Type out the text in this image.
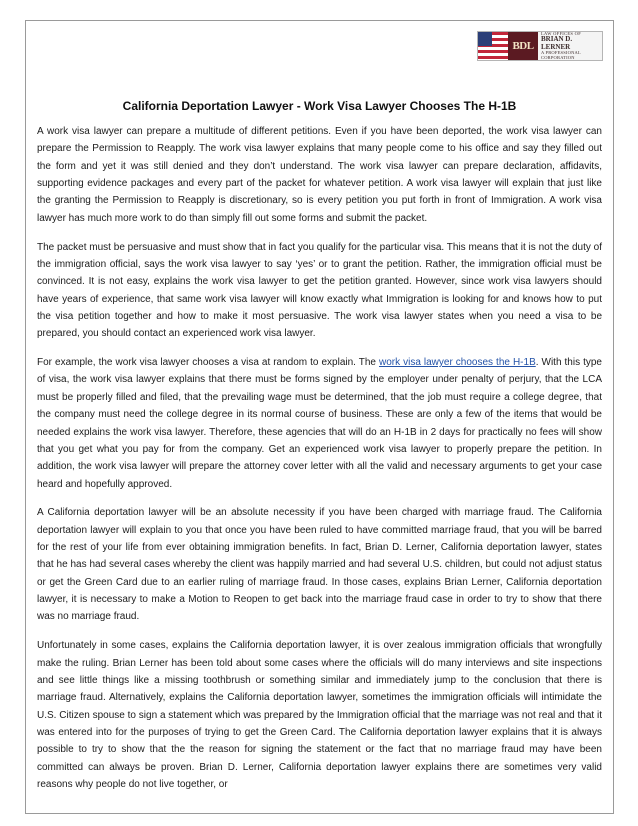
BDL
LAW OFFICES OF
BRIAN D. LERNER
A PROFESSIONAL CORPORATION
California Deportation Lawyer - Work Visa Lawyer Chooses The H-1B

A work visa lawyer can prepare a multitude of different petitions. Even if you have been deported, the work visa lawyer can prepare the Permission to Reapply. The work visa lawyer explains that many people come to his office and say they filled out the form and yet it was still denied and they don’t understand. The work visa lawyer can prepare declaration, affidavits, supporting evidence packages and every part of the packet for whatever petition. A work visa lawyer will explain that just like the granting the Permission to Reapply is discretionary, so is every petition you put forth in front of Immigration. A work visa lawyer has much more work to do than simply fill out some forms and submit the packet.

The packet must be persuasive and must show that in fact you qualify for the particular visa. This means that it is not the duty of the immigration official, says the work visa lawyer to say ‘yes’ or to grant the petition. Rather, the immigration official must be convinced. It is not easy, explains the work visa lawyer to get the petition granted. However, since work visa lawyers should have years of experience, that same work visa lawyer will know exactly what Immigration is looking for and knows how to put the visa petition together and how to make it most persuasive. The work visa lawyer states when you need a visa to be prepared, you should contact an experienced work visa lawyer.

For example, the work visa lawyer chooses a visa at random to explain. The work visa lawyer chooses the H-1B. With this type of visa, the work visa lawyer explains that there must be forms signed by the employer under penalty of perjury, that the LCA must be properly filled and filed, that the prevailing wage must be determined, that the job must require a college degree, that the company must need the college degree in its normal course of business. These are only a few of the items that would be needed explains the work visa lawyer. Therefore, these agencies that will do an H-1B in 2 days for practically no fees will show that you get what you pay for from the company. Get an experienced work visa lawyer to properly prepare the petition. In addition, the work visa lawyer will prepare the attorney cover letter with all the valid and necessary arguments to get your case heard and hopefully approved.

A California deportation lawyer will be an absolute necessity if you have been charged with marriage fraud. The California deportation lawyer will explain to you that once you have been ruled to have committed marriage fraud, that you will be barred for the rest of your life from ever obtaining immigration benefits. In fact, Brian D. Lerner, California deportation lawyer, states that he has had several cases whereby the client was happily married and had several U.S. children, but could not adjust status or get the Green Card due to an earlier ruling of marriage fraud. In those cases, explains Brian Lerner, California deportation lawyer, it is necessary to make a Motion to Reopen to get back into the marriage fraud case in order to try to show that there was no marriage fraud.

Unfortunately in some cases, explains the California deportation lawyer, it is over zealous immigration officials that wrongfully make the ruling. Brian Lerner has been told about some cases where the officials will do many interviews and site inspections and see little things like a missing toothbrush or something similar and immediately jump to the conclusion that there is marriage fraud. Alternatively, explains the California deportation lawyer, sometimes the immigration officials will intimidate the U.S. Citizen spouse to sign a statement which was prepared by the Immigration official that the marriage was not real and that it was entered into for the purposes of trying to get the Green Card. The California deportation lawyer explains that it is always possible to try to show that the the reason for signing the statement or the fact that no marriage fraud may have been committed can always be proven. Brian D. Lerner, California deportation lawyer explains there are sometimes very valid reasons why people do not live together, or
